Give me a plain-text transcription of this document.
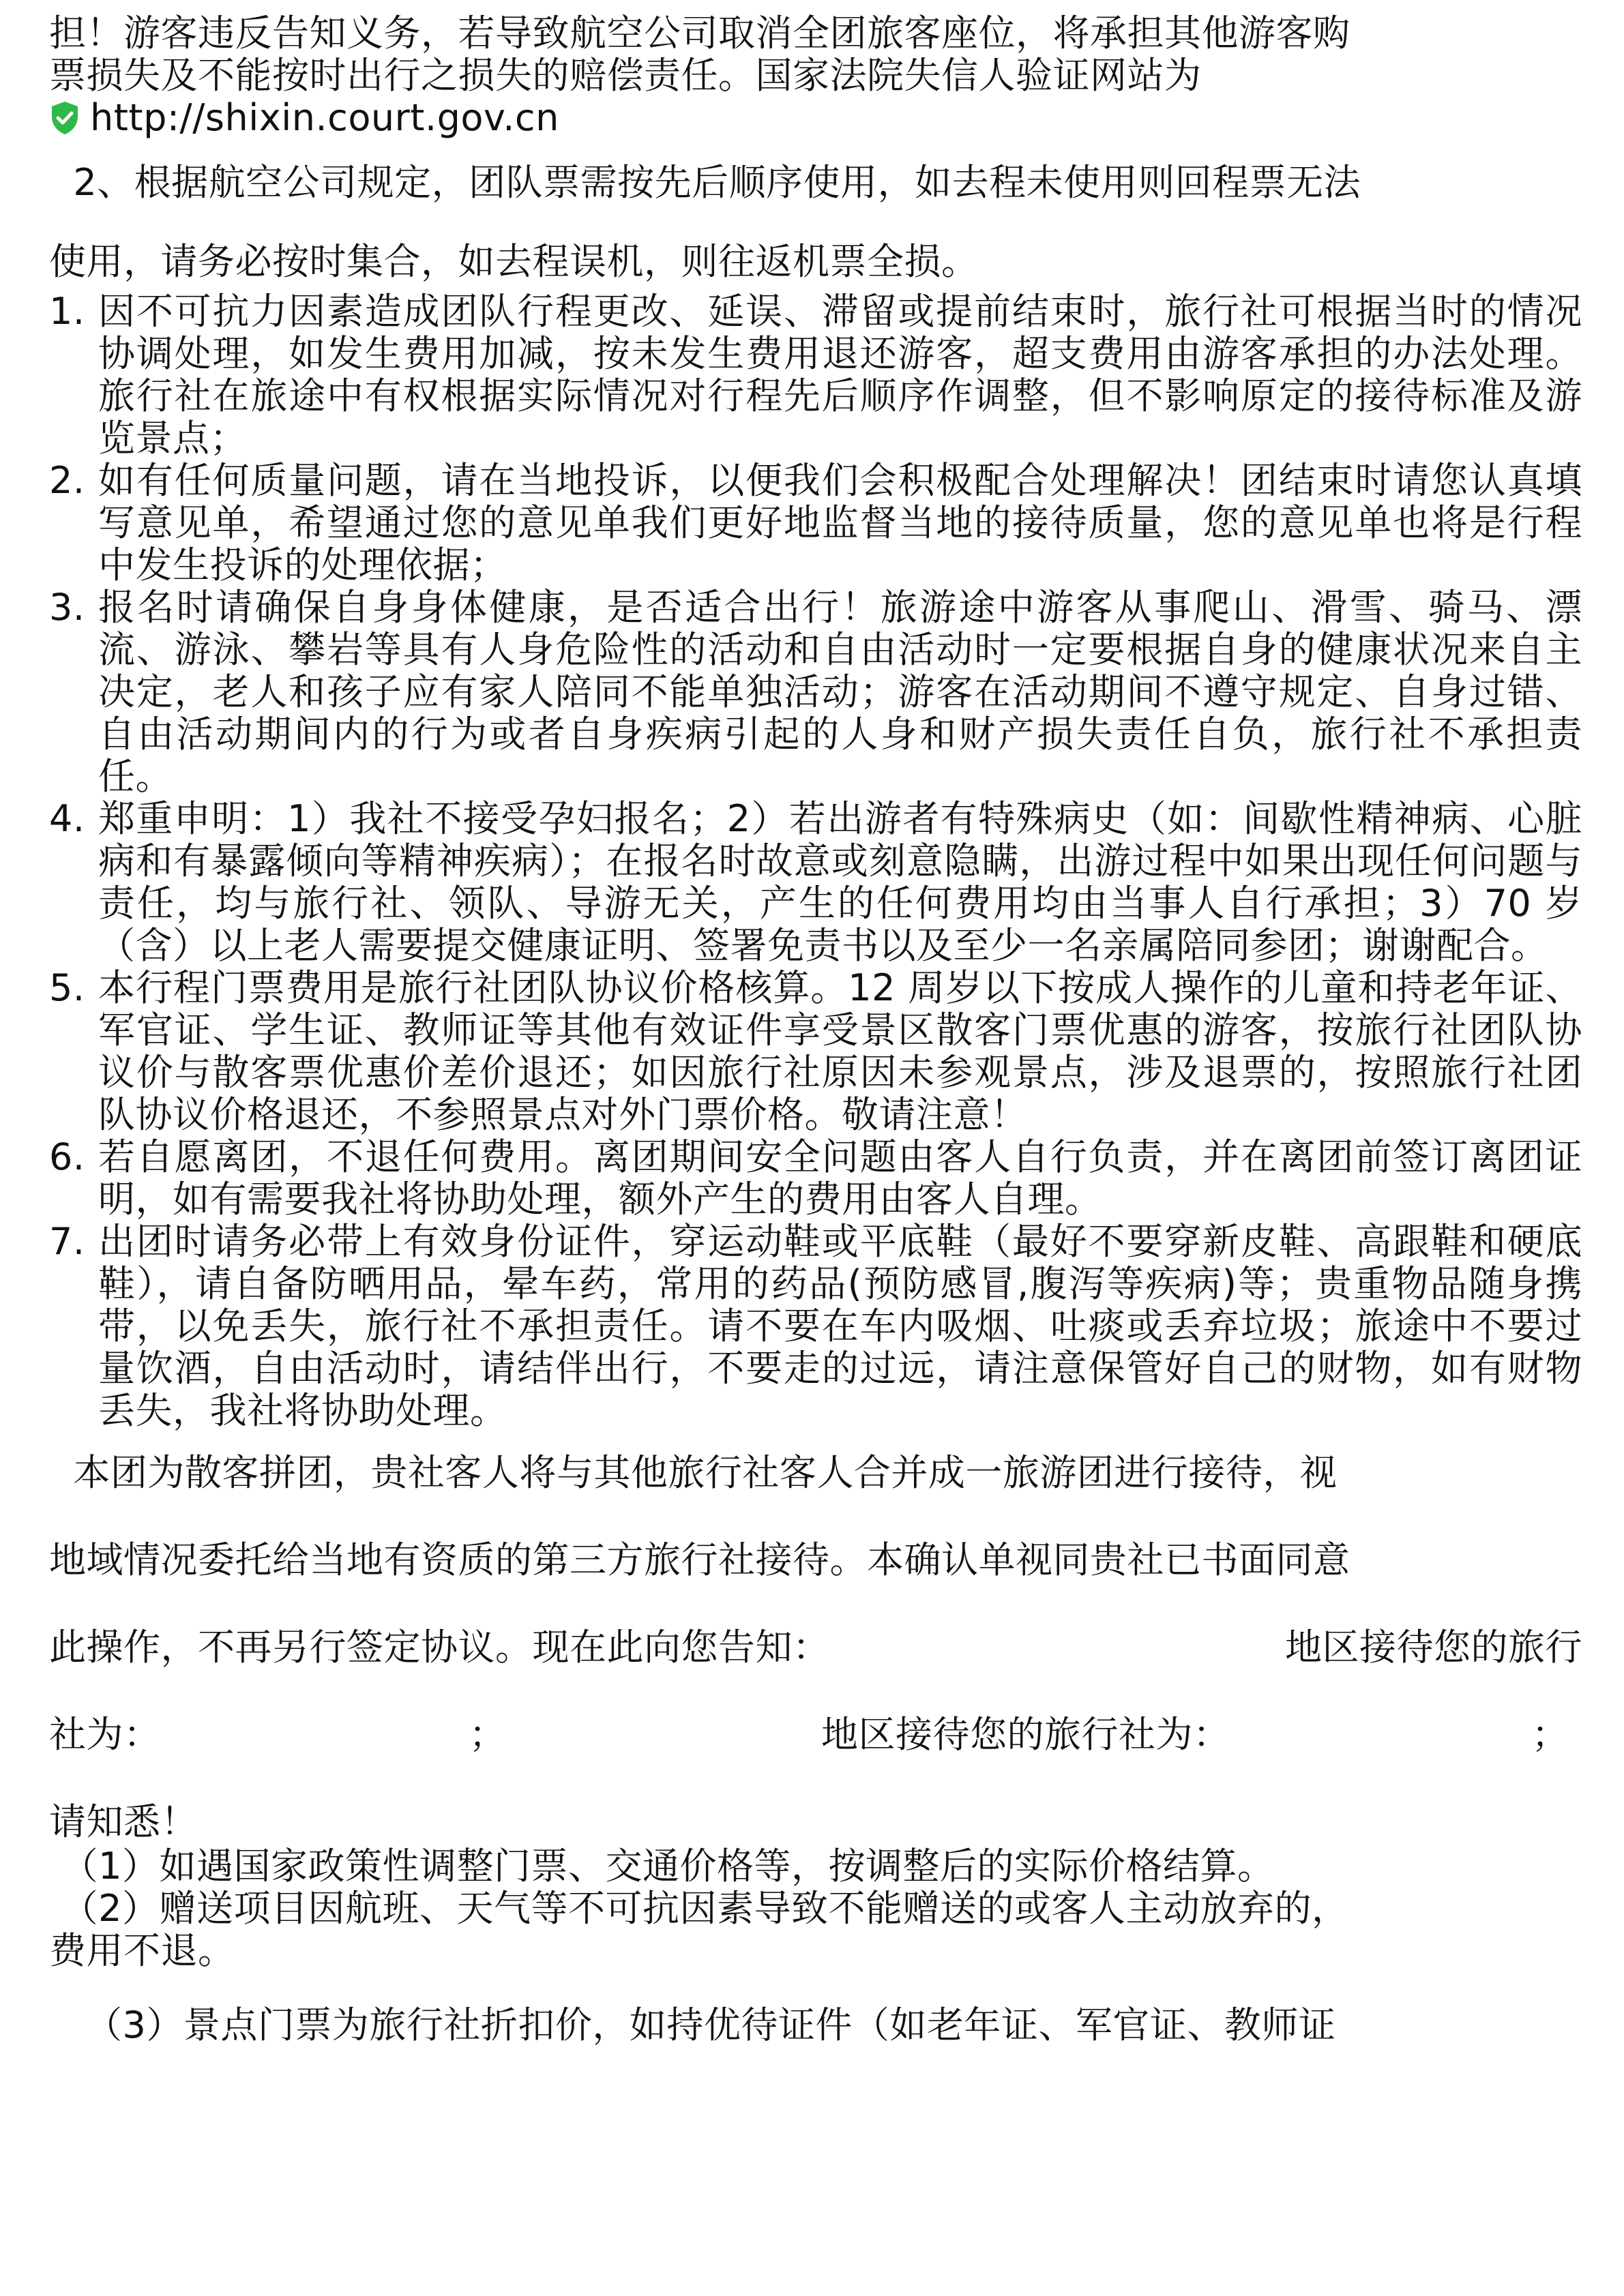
担！游客违反告知义务，若导致航空公司取消全团旅客座位，将承担其他游客购

票损失及不能按时出行之损失的赔偿责任。国家法院失信人验证网站为

http://shixin.court.gov.cn

2、根据航空公司规定，团队票需按先后顺序使用，如去程未使用则回程票无法

使用，请务必按时集合，如去程误机，则往返机票全损。

1. 因不可抗力因素造成团队行程更改、延误、滞留或提前结束时，旅行社可根据当时的情况协调处理，如发生费用加减，按未发生费用退还游客，超支费用由游客承担的办法处理。旅行社在旅途中有权根据实际情况对行程先后顺序作调整，但不影响原定的接待标准及游览景点；
2. 如有任何质量问题，请在当地投诉，以便我们会积极配合处理解决！团结束时请您认真填写意见单，希望通过您的意见单我们更好地监督当地的接待质量，您的意见单也将是行程中发生投诉的处理依据；
3. 报名时请确保自身身体健康，是否适合出行！旅游途中游客从事爬山、滑雪、骑马、漂流、游泳、攀岩等具有人身危险性的活动和自由活动时一定要根据自身的健康状况来自主决定，老人和孩子应有家人陪同不能单独活动；游客在活动期间不遵守规定、自身过错、自由活动期间内的行为或者自身疾病引起的人身和财产损失责任自负，旅行社不承担责任。
4. 郑重申明：1）我社不接受孕妇报名；2）若出游者有特殊病史（如：间歇性精神病、心脏病和有暴露倾向等精神疾病）；在报名时故意或刻意隐瞒，出游过程中如果出现任何问题与责任，均与旅行社、领队、导游无关，产生的任何费用均由当事人自行承担；3）70 岁（含）以上老人需要提交健康证明、签署免责书以及至少一名亲属陪同参团；谢谢配合。
5. 本行程门票费用是旅行社团队协议价格核算。12 周岁以下按成人操作的儿童和持老年证、军官证、学生证、教师证等其他有效证件享受景区散客门票优惠的游客，按旅行社团队协议价与散客票优惠价差价退还；如因旅行社原因未参观景点，涉及退票的，按照旅行社团队协议价格退还，不参照景点对外门票价格。敬请注意！
6. 若自愿离团，不退任何费用。离团期间安全问题由客人自行负责，并在离团前签订离团证明，如有需要我社将协助处理，额外产生的费用由客人自理。
7. 出团时请务必带上有效身份证件，穿运动鞋或平底鞋（最好不要穿新皮鞋、高跟鞋和硬底鞋），请自备防晒用品，晕车药，常用的药品(预防感冒,腹泻等疾病)等；贵重物品随身携带，以免丢失，旅行社不承担责任。请不要在车内吸烟、吐痰或丢弃垃圾；旅途中不要过量饮酒，自由活动时，请结伴出行，不要走的过远，请注意保管好自己的财物，如有财物丢失，我社将协助处理。

本团为散客拼团，贵社客人将与其他旅行社客人合并成一旅游团进行接待，视

地域情况委托给当地有资质的第三方旅行社接待。本确认单视同贵社已书面同意

此操作，不再另行签定协议。现在此向您告知：	地区接待您的旅行
社为：	；	地区接待您的旅行社为：	；

请知悉！

（1）如遇国家政策性调整门票、交通价格等，按调整后的实际价格结算。

（2）赠送项目因航班、天气等不可抗因素导致不能赠送的或客人主动放弃的，

费用不退。

（3）景点门票为旅行社折扣价，如持优待证件（如老年证、军官证、教师证
